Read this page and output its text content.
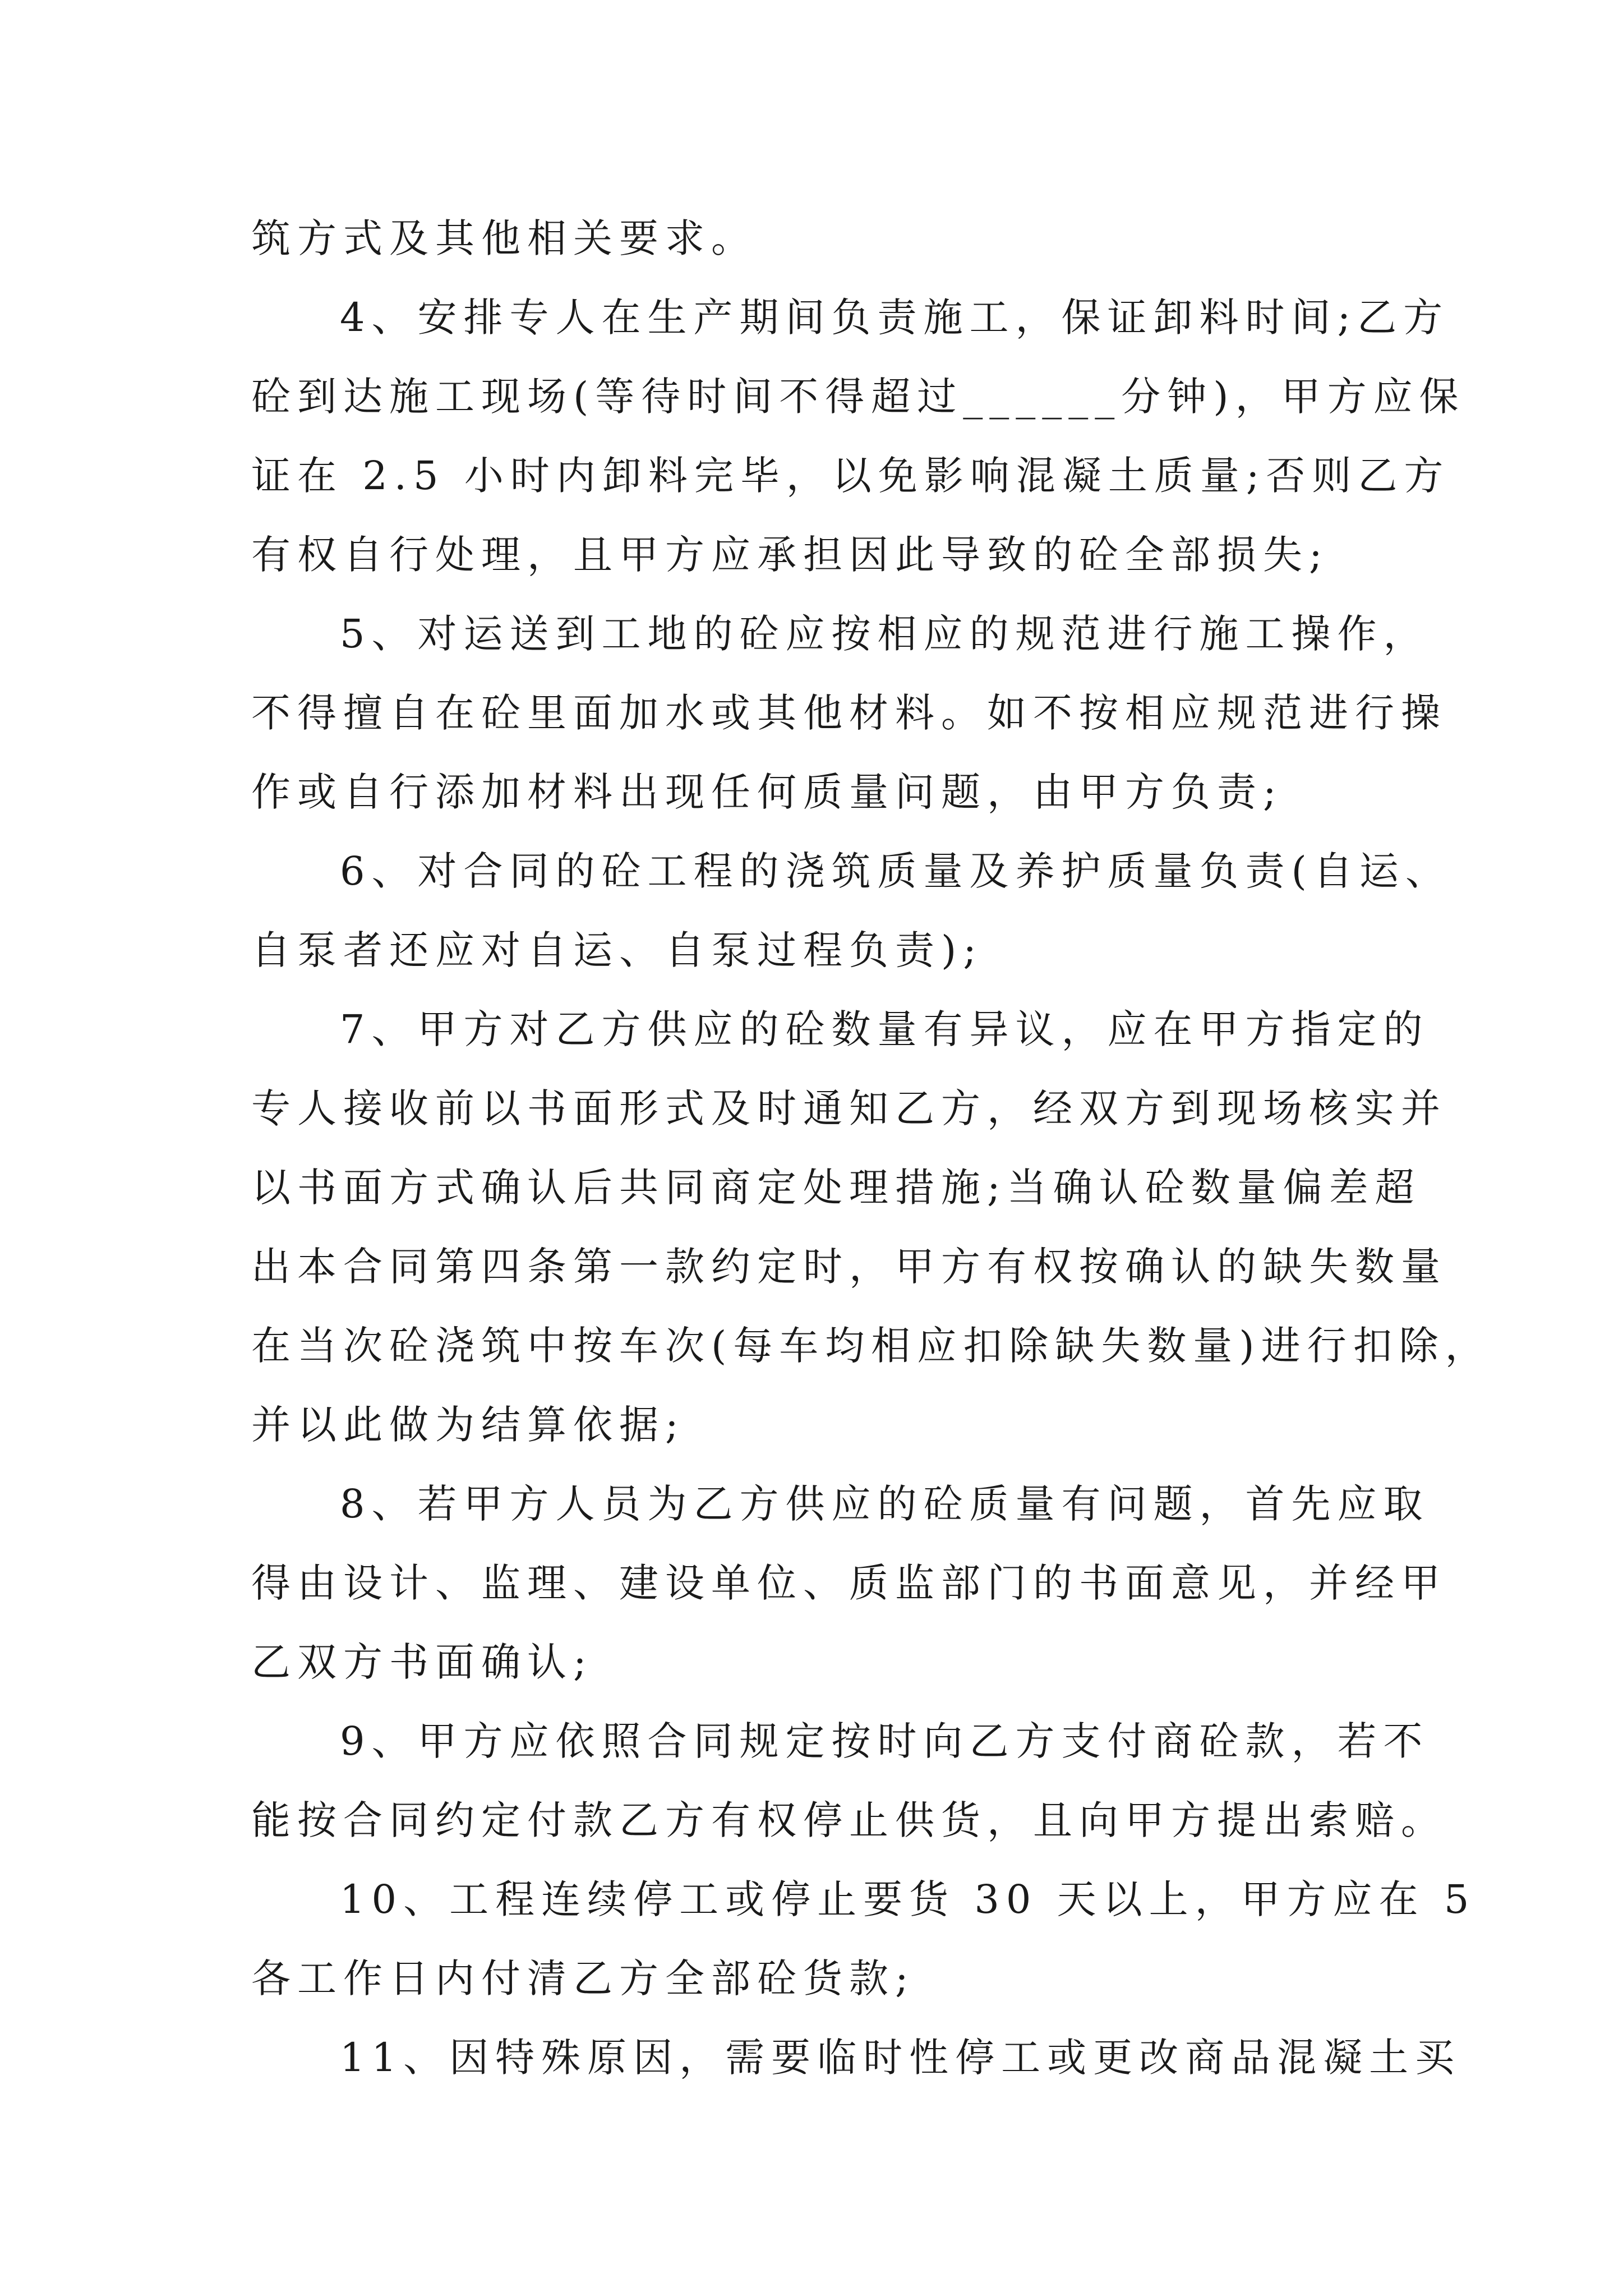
筑方式及其他相关要求。
4、安排专人在生产期间负责施工，保证卸料时间;乙方
砼到达施工现场(等待时间不得超过______分钟)，甲方应保
证在 2.5 小时内卸料完毕，以免影响混凝土质量;否则乙方
有权自行处理，且甲方应承担因此导致的砼全部损失;
5、对运送到工地的砼应按相应的规范进行施工操作，
不得擅自在砼里面加水或其他材料。如不按相应规范进行操
作或自行添加材料出现任何质量问题，由甲方负责;
6、对合同的砼工程的浇筑质量及养护质量负责(自运、
自泵者还应对自运、自泵过程负责);
7、甲方对乙方供应的砼数量有异议，应在甲方指定的
专人接收前以书面形式及时通知乙方，经双方到现场核实并
以书面方式确认后共同商定处理措施;当确认砼数量偏差超
出本合同第四条第一款约定时，甲方有权按确认的缺失数量
在当次砼浇筑中按车次(每车均相应扣除缺失数量)进行扣除，
并以此做为结算依据;
8、若甲方人员为乙方供应的砼质量有问题，首先应取
得由设计、监理、建设单位、质监部门的书面意见，并经甲
乙双方书面确认;
9、甲方应依照合同规定按时向乙方支付商砼款，若不
能按合同约定付款乙方有权停止供货，且向甲方提出索赔。
10、工程连续停工或停止要货 30 天以上，甲方应在 5
各工作日内付清乙方全部砼货款;
11、因特殊原因，需要临时性停工或更改商品混凝土买
